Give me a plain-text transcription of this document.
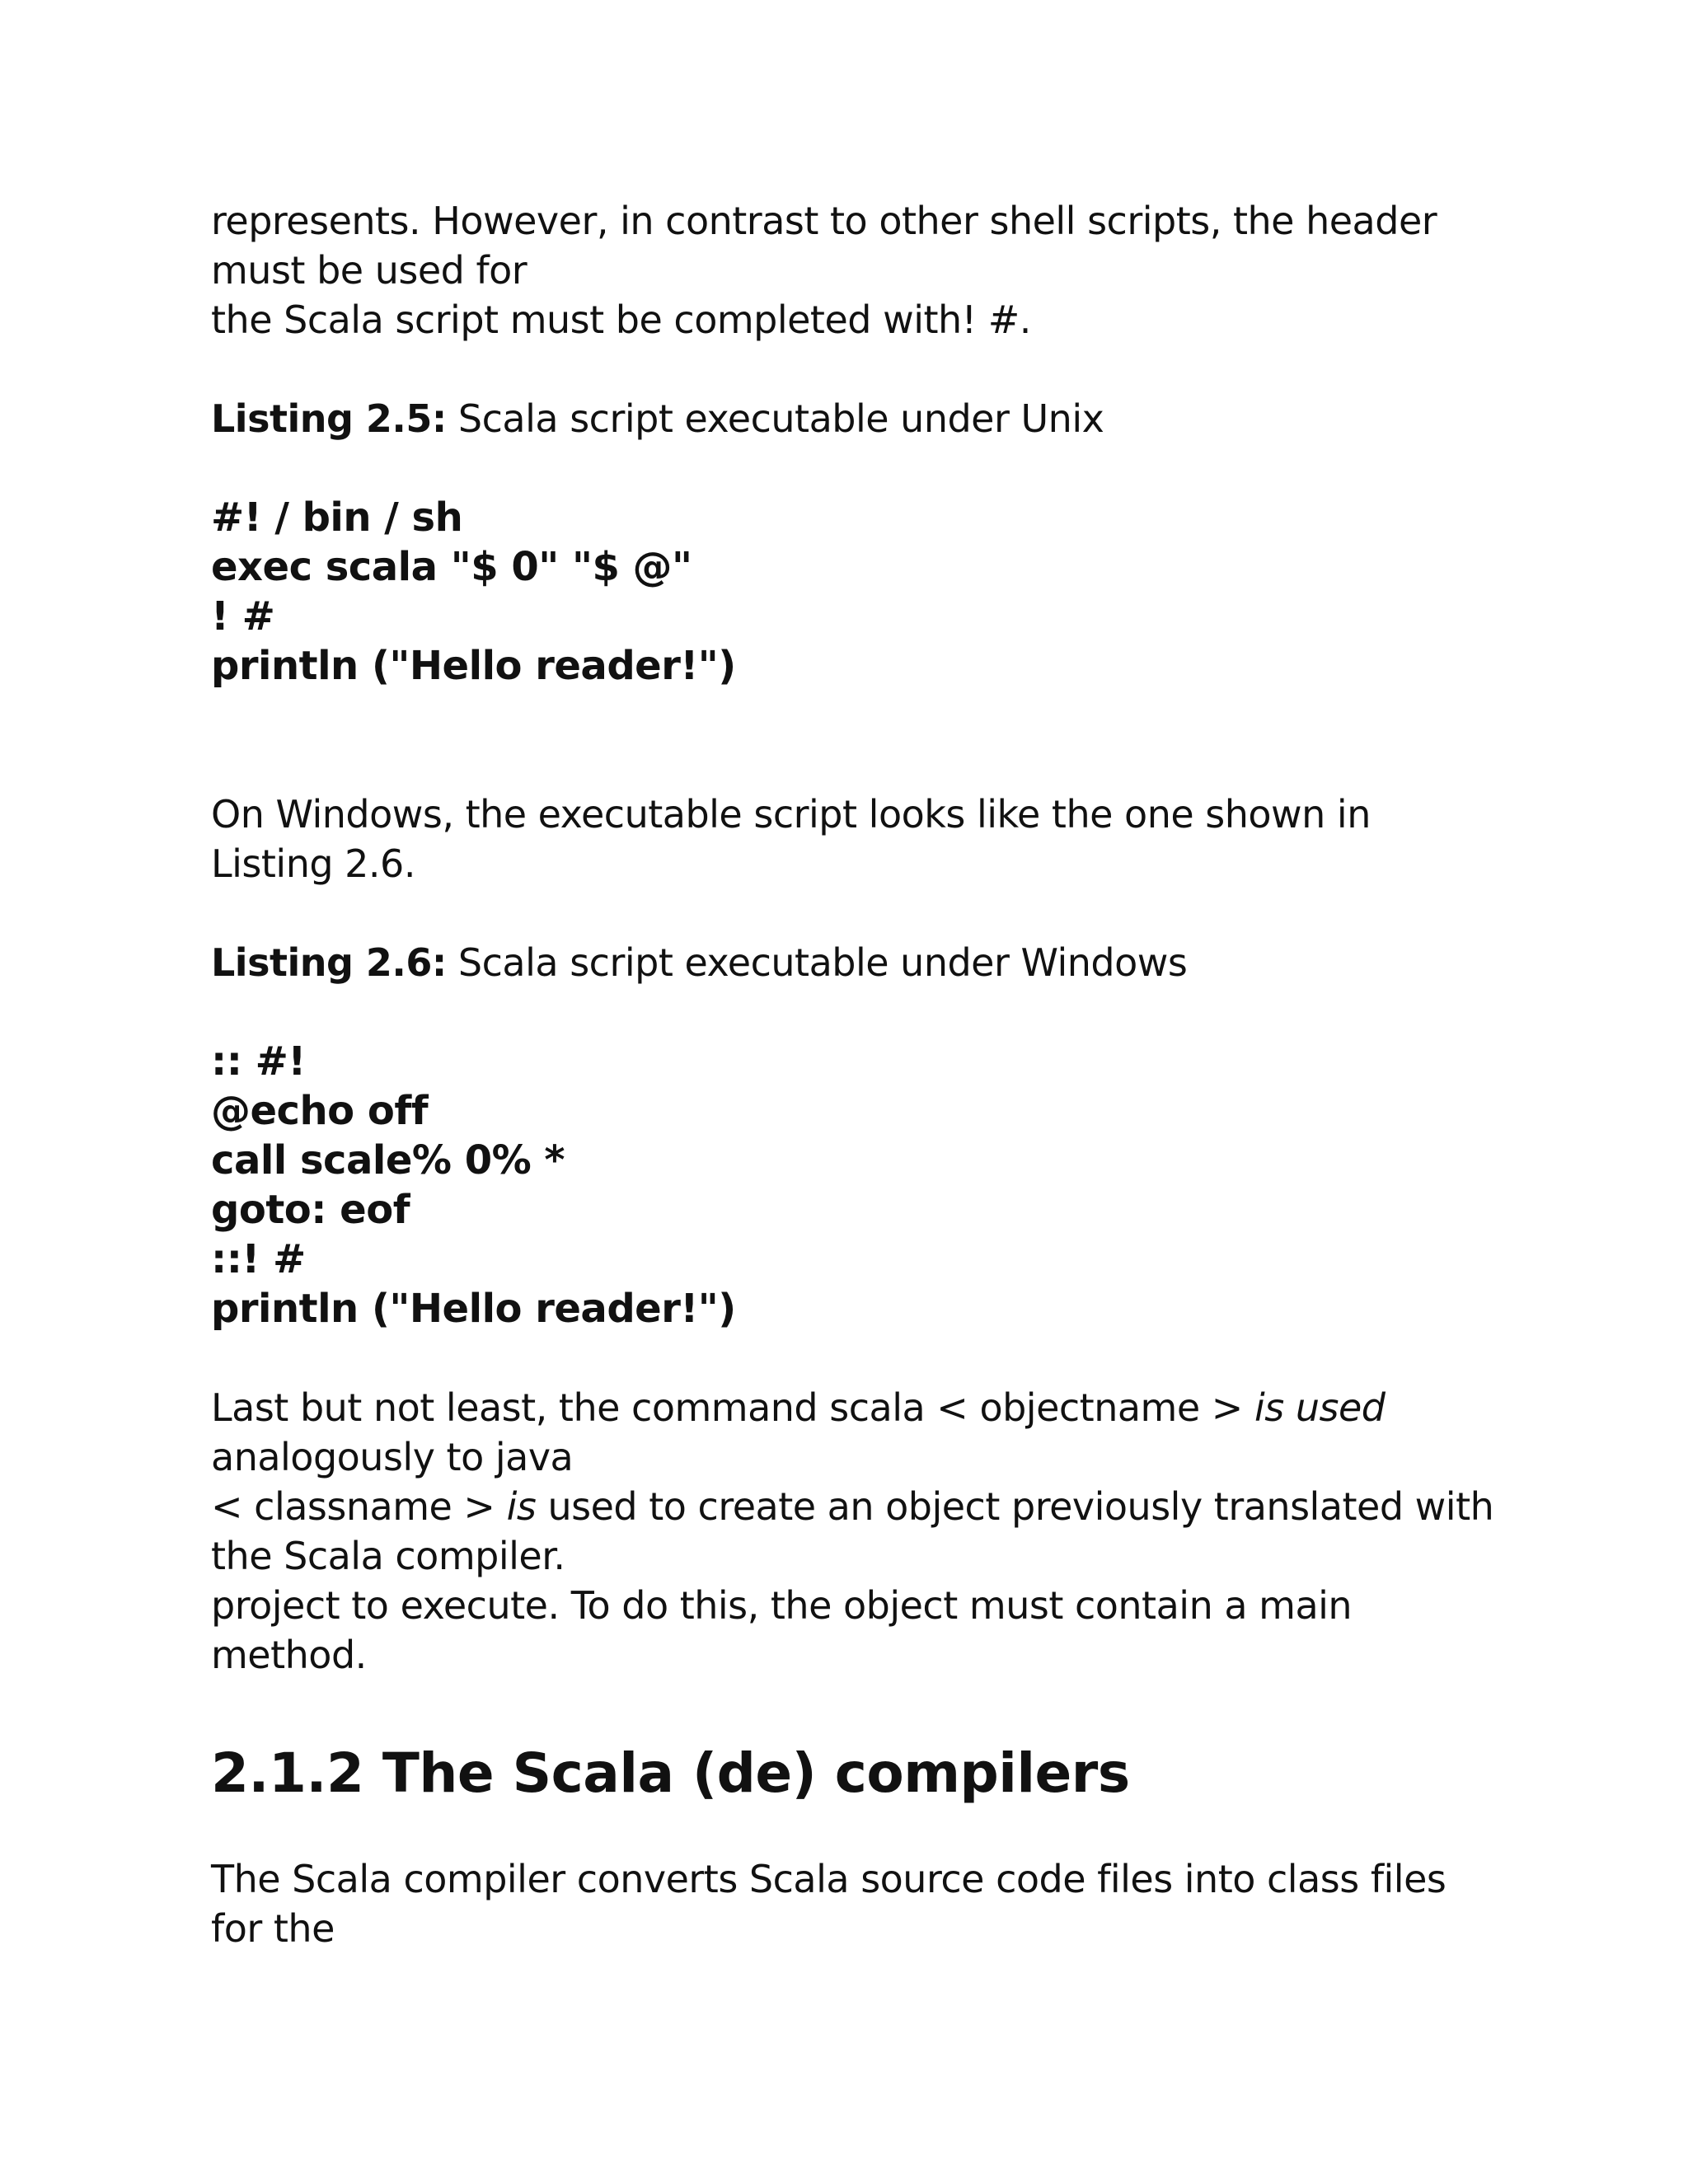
represents. However, in contrast to other shell scripts, the header
must be used for
the Scala script must be completed with! #.
Listing 2.5: Scala script executable under Unix
#! / bin / sh
exec scala "$ 0" "$ @"
! #
println ("Hello reader!")
On Windows, the executable script looks like the one shown in
Listing 2.6.
Listing 2.6: Scala script executable under Windows
:: #!
@echo off
call scale% 0% *
goto: eof
::! #
println ("Hello reader!")
Last but not least, the command scala < objectname > is used
analogously to java
< classname > is used to create an object previously translated with
the Scala compiler.
project to execute. To do this, the object must contain a main
method.
2.1.2 The Scala (de) compilers
The Scala compiler converts Scala source code files into class files
for the
